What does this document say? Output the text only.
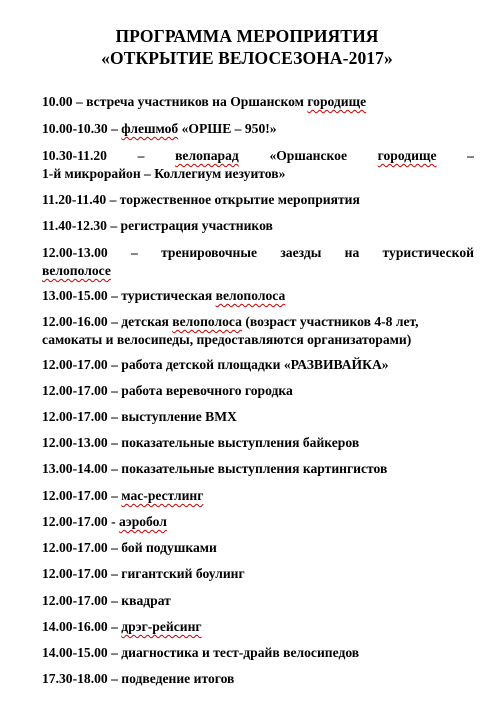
ПРОГРАММА МЕРОПРИЯТИЯ
«ОТКРЫТИЕ ВЕЛОСЕЗОНА-2017»
10.00 – встреча участников на Оршанском городище
10.00-10.30 – флешмоб «ОРШЕ – 950!»
10.30-11.20 – велопарад «Оршанское городище –
1-й микрорайон – Коллегиум иезуитов»
11.20-11.40 – торжественное открытие мероприятия
11.40-12.30 – регистрация участников
12.00-13.00 – тренировочные заезды на туристической
велополосе
13.00-15.00 – туристическая велополоса
12.00-16.00 – детская велополоса (возраст участников 4-8 лет,
самокаты и велосипеды, предоставляются организаторами)
12.00-17.00 – работа детской площадки «РАЗВИВАЙКА»
12.00-17.00 – работа веревочного городка
12.00-17.00 – выступление BMX
12.00-13.00 – показательные выступления байкеров
13.00-14.00 – показательные выступления картингистов
12.00-17.00 – мас-рестлинг
12.00-17.00 - аэробол
12.00-17.00 – бой подушками
12.00-17.00 – гигантский боулинг
12.00-17.00 – квадрат
14.00-16.00 – дрэг-рейсинг
14.00-15.00 – диагностика и тест-драйв велосипедов
17.30-18.00 – подведение итогов
